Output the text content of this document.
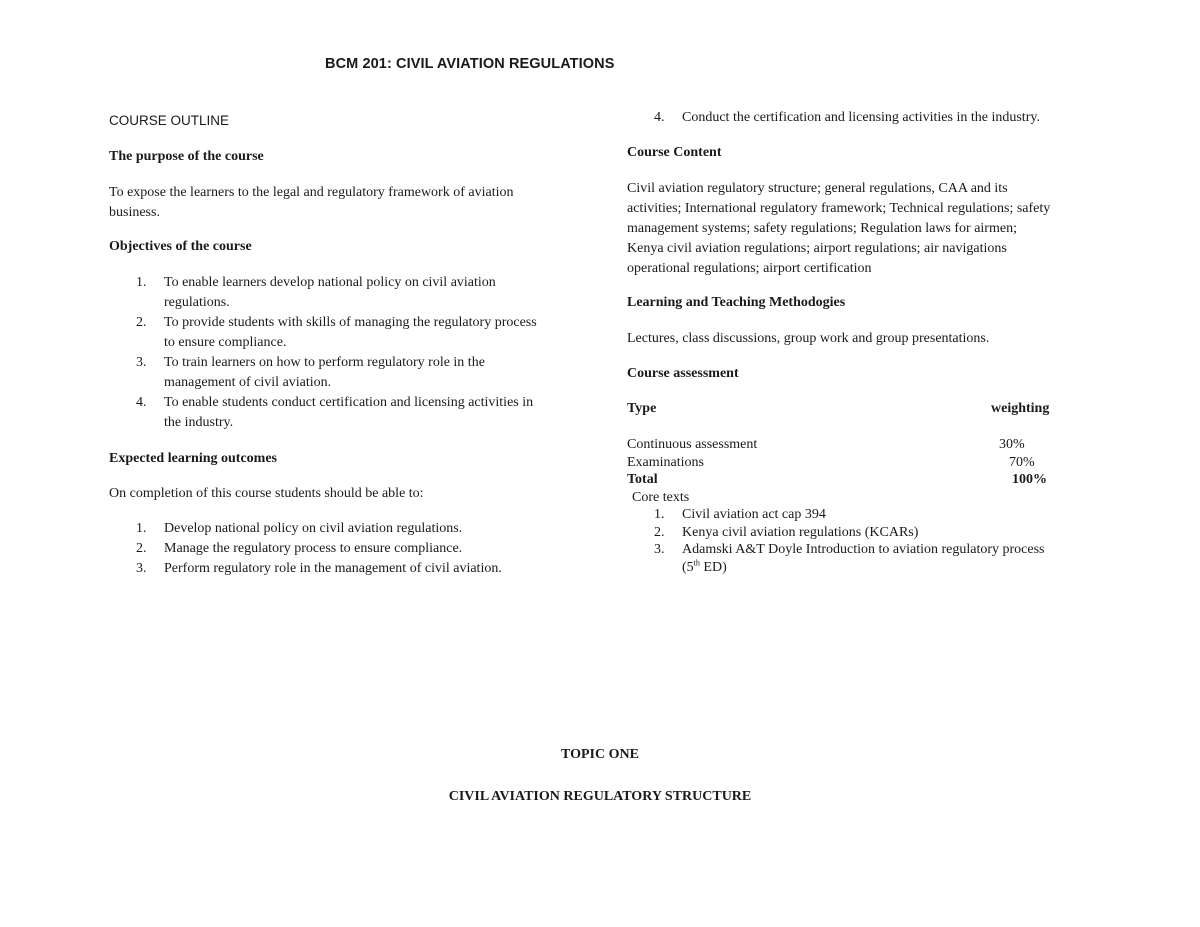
BCM 201: CIVIL AVIATION REGULATIONS
COURSE OUTLINE
The purpose of the course
To expose the learners to the legal and regulatory framework of aviation
business.
Objectives of the course
1. To enable learners develop national policy on civil aviation
regulations.
2. To provide students with skills of managing the regulatory process
to ensure compliance.
3. To train learners on how to perform regulatory role in the
management of civil aviation.
4. To enable students conduct certification and licensing activities in
the industry.
Expected learning outcomes
On completion of this course students should be able to:
1. Develop national policy on civil aviation regulations.
2. Manage the regulatory process to ensure compliance.
3. Perform regulatory role in the management of civil aviation.
4. Conduct the certification and licensing activities in the industry.
Course Content
Civil aviation regulatory structure; general regulations, CAA and its
activities; International regulatory framework; Technical regulations; safety
management systems; safety regulations; Regulation laws for airmen;
Kenya civil aviation regulations; airport regulations; air navigations
operational regulations; airport certification
Learning and Teaching Methodogies
Lectures, class discussions, group work and group presentations.
Course assessment
Type	weighting
Continuous assessment	30%
Examinations	70%
Total	100%
Core texts
1. Civil aviation act cap 394
2. Kenya civil aviation regulations (KCARs)
3. Adamski A&T Doyle Introduction to aviation regulatory process
(5th ED)
TOPIC ONE
CIVIL AVIATION REGULATORY STRUCTURE
